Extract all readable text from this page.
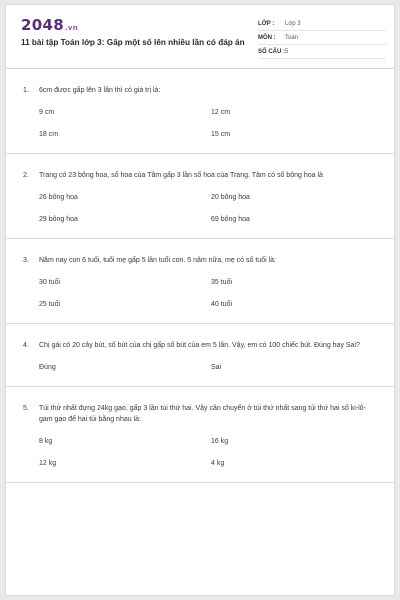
2048.vn
11 bài tập Toán lớp 3: Gấp một số lên nhiều lần có đáp án
LỚP :	Lớp 3
MÔN :	Toán
SỐ CÂU : 5
1.	6cm được gấp lên 3 lần thì có giá trị là:
9 cm	12 cm
18 cm	15 cm
2.	Trang có 23 bông hoa, số hoa của Tâm gấp 3 lần số hoa của Trang. Tâm có số bông hoa là
26 bông hoa	20 bông hoa
29 bông hoa	69 bông hoa
3.	Năm nay con 6 tuổi, tuổi mẹ gấp 5 lần tuổi con. 5 năm nữa, mẹ có số tuổi là:
30 tuổi	35 tuổi
25 tuổi	40 tuổi
4.	Chị gái có 20 cây bút, số bút của chị gấp số bút của em 5 lần. Vậy, em có 100 chiếc bút. Đúng hay Sai?
Đúng	Sai
5.	Túi thứ nhất đựng 24kg gạo, gấp 3 lần túi thứ hai. Vậy cần chuyển ở túi thứ nhất sang túi thứ hai số ki-lô-gam gạo để hai túi bằng nhau là:
8 kg	16 kg
12 kg	4 kg
